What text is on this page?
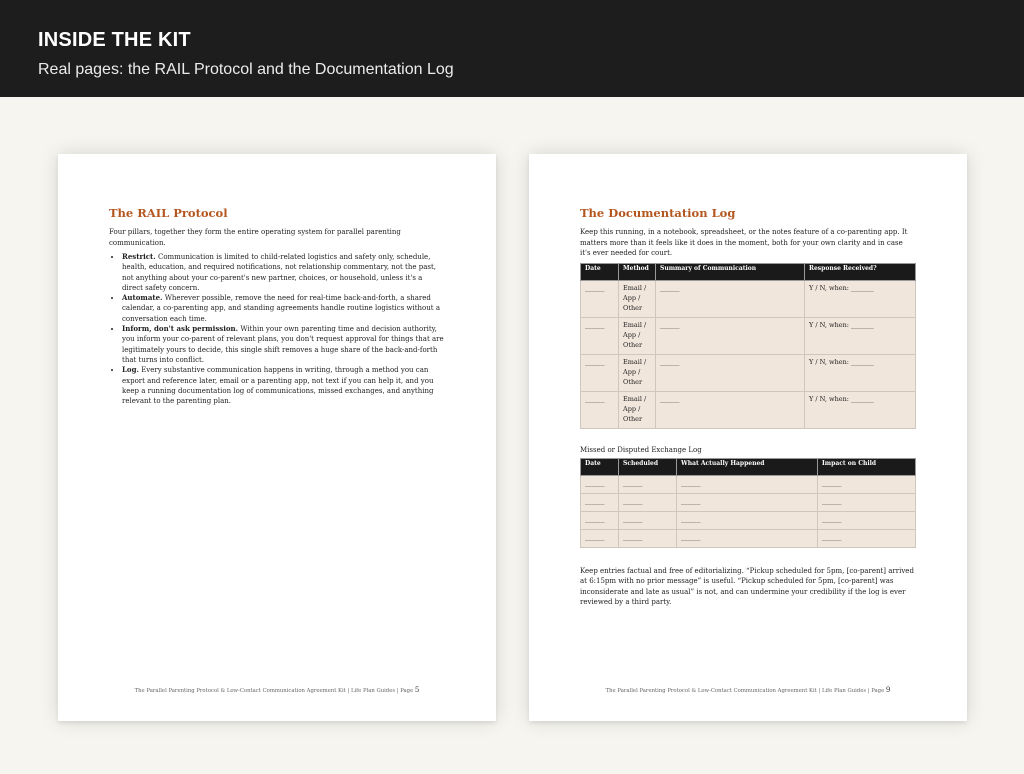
INSIDE THE KIT
Real pages: the RAIL Protocol and the Documentation Log
The RAIL Protocol

Four pillars, together they form the entire operating system for parallel parenting communication.

• Restrict. Communication is limited to child-related logistics and safety only, schedule, health, education, and required notifications, not relationship commentary, not the past, not anything about your co-parent's new partner, choices, or household, unless it's a direct safety concern.
• Automate. Wherever possible, remove the need for real-time back-and-forth, a shared calendar, a co-parenting app, and standing agreements handle routine logistics without a conversation each time.
• Inform, don't ask permission. Within your own parenting time and decision authority, you inform your co-parent of relevant plans, you don't request approval for things that are legitimately yours to decide, this single shift removes a huge share of the back-and-forth that turns into conflict.
• Log. Every substantive communication happens in writing, through a method you can export and reference later, email or a parenting app, not text if you can help it, and you keep a running documentation log of communications, missed exchanges, and anything relevant to the parenting plan.
The Parallel Parenting Protocol & Low-Contact Communication Agreement Kit | Life Plan Guides | Page 5
The Documentation Log

Keep this running, in a notebook, spreadsheet, or the notes feature of a co-parenting app. It matters more than it feels like it does in the moment, both for your own clarity and in case it's ever needed for court.

Date	Method	Summary of Communication	Response Received?
______	Email / App / Other	______	Y / N, when: _______
______	Email / App / Other	______	Y / N, when: _______
______	Email / App / Other	______	Y / N, when: _______
______	Email / App / Other	______	Y / N, when: _______
Missed or Disputed Exchange Log
Date	Scheduled	What Actually Happened	Impact on Child
______	______	______	______
______	______	______	______
______	______	______	______
______	______	______	______

Keep entries factual and free of editorializing. “Pickup scheduled for 5pm, [co-parent] arrived at 6:15pm with no prior message” is useful. “Pickup scheduled for 5pm, [co-parent] was inconsiderate and late as usual” is not, and can undermine your credibility if the log is ever reviewed by a third party.

The Parallel Parenting Protocol & Low-Contact Communication Agreement Kit | Life Plan Guides | Page 9
